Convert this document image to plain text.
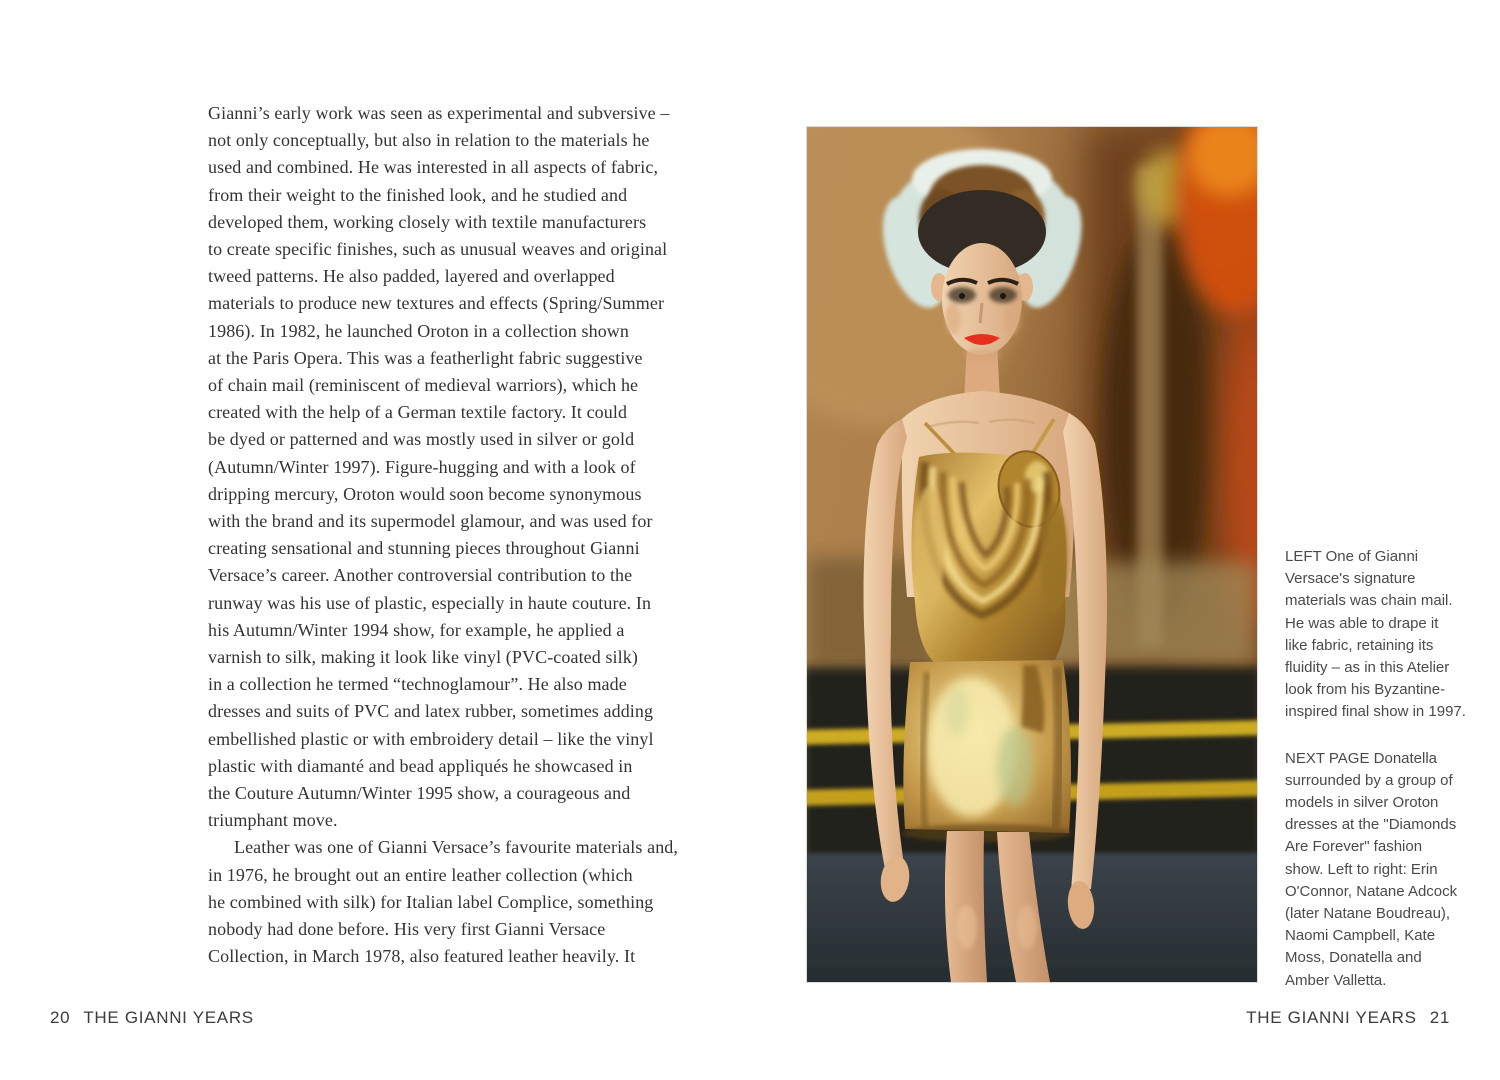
Gianni’s early work was seen as experimental and subversive –
not only conceptually, but also in relation to the materials he
used and combined. He was interested in all aspects of fabric,
from their weight to the finished look, and he studied and
developed them, working closely with textile manufacturers
to create specific finishes, such as unusual weaves and original
tweed patterns. He also padded, layered and overlapped
materials to produce new textures and effects (Spring/Summer
1986). In 1982, he launched Oroton in a collection shown
at the Paris Opera. This was a featherlight fabric suggestive
of chain mail (reminiscent of medieval warriors), which he
created with the help of a German textile factory. It could
be dyed or patterned and was mostly used in silver or gold
(Autumn/Winter 1997). Figure-hugging and with a look of
dripping mercury, Oroton would soon become synonymous
with the brand and its supermodel glamour, and was used for
creating sensational and stunning pieces throughout Gianni
Versace’s career. Another controversial contribution to the
runway was his use of plastic, especially in haute couture. In
his Autumn/Winter 1994 show, for example, he applied a
varnish to silk, making it look like vinyl (PVC-coated silk)
in a collection he termed “technoglamour”. He also made
dresses and suits of PVC and latex rubber, sometimes adding
embellished plastic or with embroidery detail – like the vinyl
plastic with diamanté and bead appliqués he showcased in
the Couture Autumn/Winter 1995 show, a courageous and
triumphant move.
Leather was one of Gianni Versace’s favourite materials and,
in 1976, he brought out an entire leather collection (which
he combined with silk) for Italian label Complice, something
nobody had done before. His very first Gianni Versace
Collection, in March 1978, also featured leather heavily. It
LEFT One of Gianni
Versace's signature
materials was chain mail.
He was able to drape it
like fabric, retaining its
fluidity – as in this Atelier
look from his Byzantine-
inspired final show in 1997.
NEXT PAGE Donatella
surrounded by a group of
models in silver Oroton
dresses at the "Diamonds
Are Forever" fashion
show. Left to right: Erin
O'Connor, Natane Adcock
(later Natane Boudreau),
Naomi Campbell, Kate
Moss, Donatella and
Amber Valletta.
20 THE GIANNI YEARS	THE GIANNI YEARS 21
